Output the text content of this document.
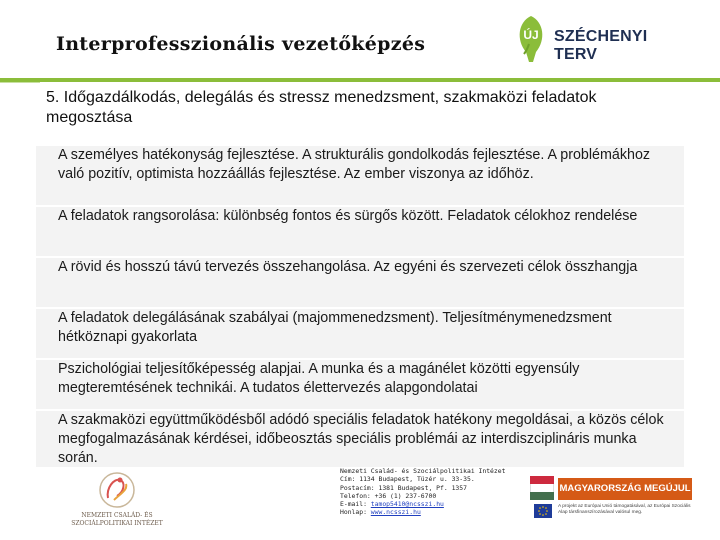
Interprofesszionális vezetőképzés	ÚJ SZÉCHENYI TERV
5. Időgazdálkodás, delegálás és stressz menedzsment, szakmaközi feladatok megosztása
A személyes hatékonyság fejlesztése. A strukturális gondolkodás fejlesztése. A problémákhoz való pozitív, optimista hozzáállás fejlesztése. Az ember viszonya az időhöz.
A feladatok rangsorolása: különbség fontos és sürgős között. Feladatok célokhoz rendelése
A rövid és hosszú távú tervezés összehangolása. Az egyéni és szervezeti célok összhangja
A feladatok delegálásának szabályai (majommenedzsment). Teljesítménymenedzsment hétköznapi gyakorlata
Pszichológiai teljesítőképesség alapjai. A munka és a magánélet közötti egyensúly megteremtésének technikái. A tudatos élettervezés alapgondolatai
A szakmaközi együttműködésből adódó speciális feladatok hatékony megoldásai, a közös célok megfogalmazásának kérdései, időbeosztás speciális problémái az interdiszciplináris munka során.
NEMZETI CSALÁD- ÉS SZOCIÁLPOLITIKAI INTÉZET
Nemzeti Család- és Szociálpolitikai Intézet
Cím: 1134 Budapest, Tüzér u. 33-35.
Postacím: 1381 Budapest, Pf. 1357
Telefon: +36 (1) 237-6700
E-mail: tamop5410@ncsszi.hu
Honlap: www.ncsszi.hu
MAGYARORSZÁG MEGÚJUL
A projekt az Európai Unió támogatásával, az Európai Szociális Alap társfinanszírozásával valósul meg.
